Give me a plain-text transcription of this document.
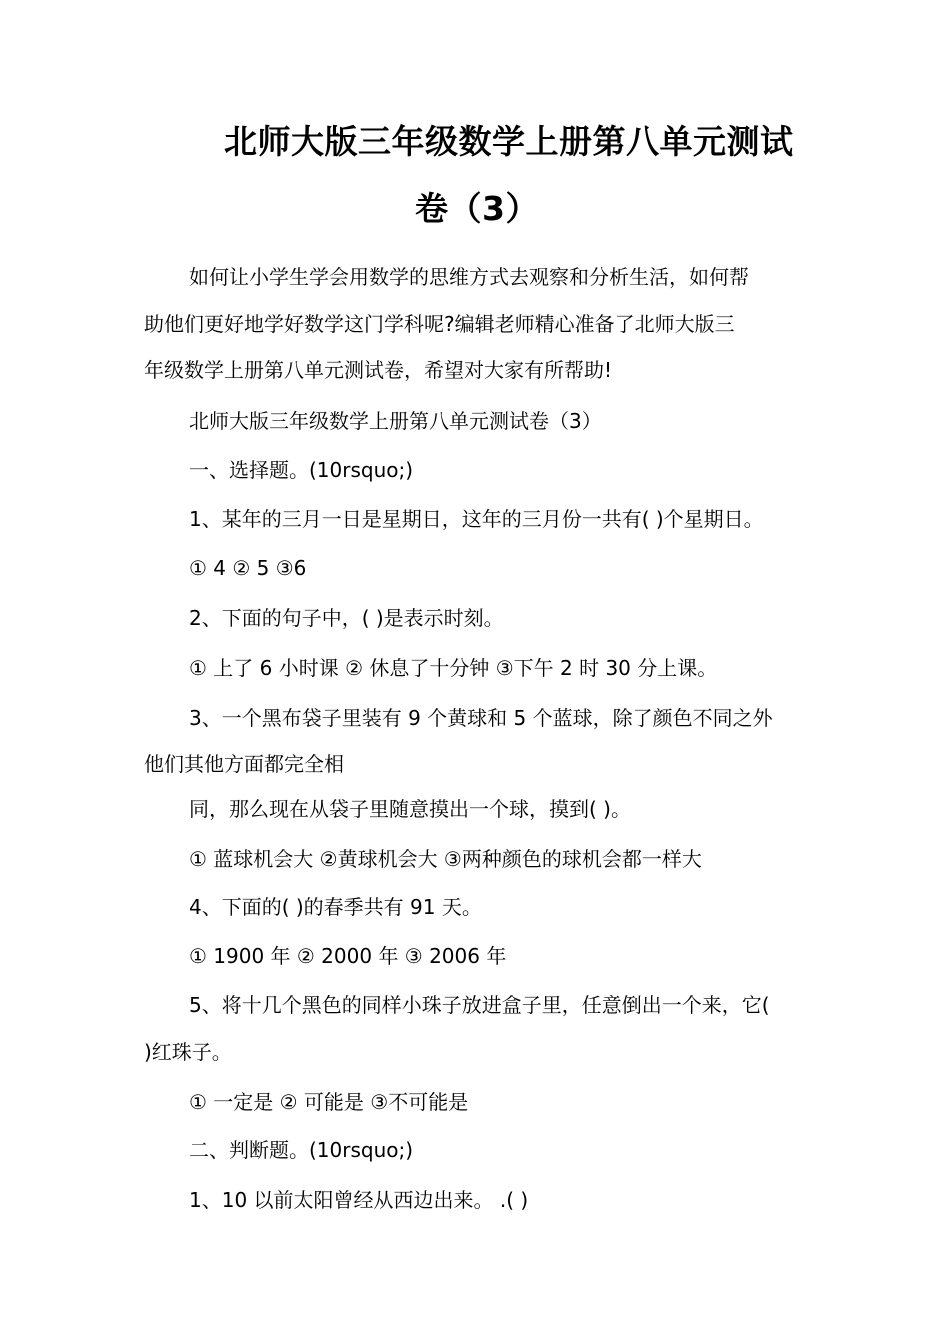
北师大版三年级数学上册第八单元测试
卷（3）
如何让小学生学会用数学的思维方式去观察和分析生活，如何帮
助他们更好地学好数学这门学科呢?编辑老师精心准备了北师大版三
年级数学上册第八单元测试卷，希望对大家有所帮助!
北师大版三年级数学上册第八单元测试卷（3）
一、选择题。(10rsquo;)
1、某年的三月一日是星期日，这年的三月份一共有( )个星期日。
① 4 ② 5 ③6
2、下面的句子中，( )是表示时刻。
① 上了 6 小时课 ② 休息了十分钟 ③下午 2 时 30 分上课。
3、一个黑布袋子里装有 9 个黄球和 5 个蓝球，除了颜色不同之外
他们其他方面都完全相
同，那么现在从袋子里随意摸出一个球，摸到( )。
① 蓝球机会大 ②黄球机会大 ③两种颜色的球机会都一样大
4、下面的( )的春季共有 91 天。
① 1900 年 ② 2000 年 ③ 2006 年
5、将十几个黑色的同样小珠子放进盒子里，任意倒出一个来，它(
)红珠子。
① 一定是 ② 可能是 ③不可能是
二、判断题。(10rsquo;)
1、10 以前太阳曾经从西边出来。 .( )
